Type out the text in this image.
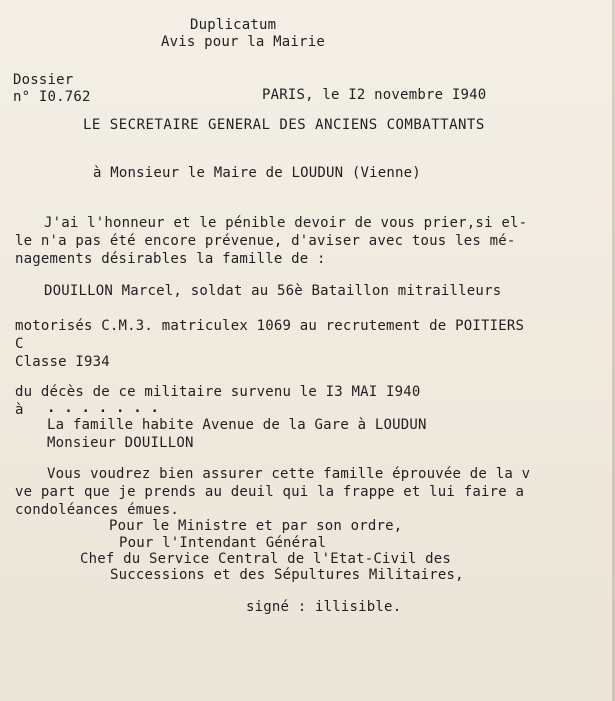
Duplicatum
Avis pour la Mairie
Dossier
n° I0.762	PARIS, le I2 novembre I940
LE SECRETAIRE GENERAL DES ANCIENS COMBATTANTS
à Monsieur le Maire de LOUDUN (Vienne)
J'ai l'honneur et le pénible devoir de vous prier,si el-
le n'a pas été encore prévenue, d'aviser avec tous les mé-
nagements désirables la famille de :
DOUILLON Marcel, soldat au 56è Bataillon mitrailleurs
motorisés C.M.3. matriculex 1069 au recrutement de POITIERS
C
Classe I934
du décès de ce militaire survenu le I3 MAI I940
à . . . . . . .
La famille habite Avenue de la Gare à LOUDUN
Monsieur DOUILLON
Vous voudrez bien assurer cette famille éprouvée de la v
ve part que je prends au deuil qui la frappe et lui faire a
condoléances émues.
Pour le Ministre et par son ordre,
Pour l'Intendant Général
Chef du Service Central de l'Etat-Civil des
Successions et des Sépultures Militaires,
signé : illisible.
